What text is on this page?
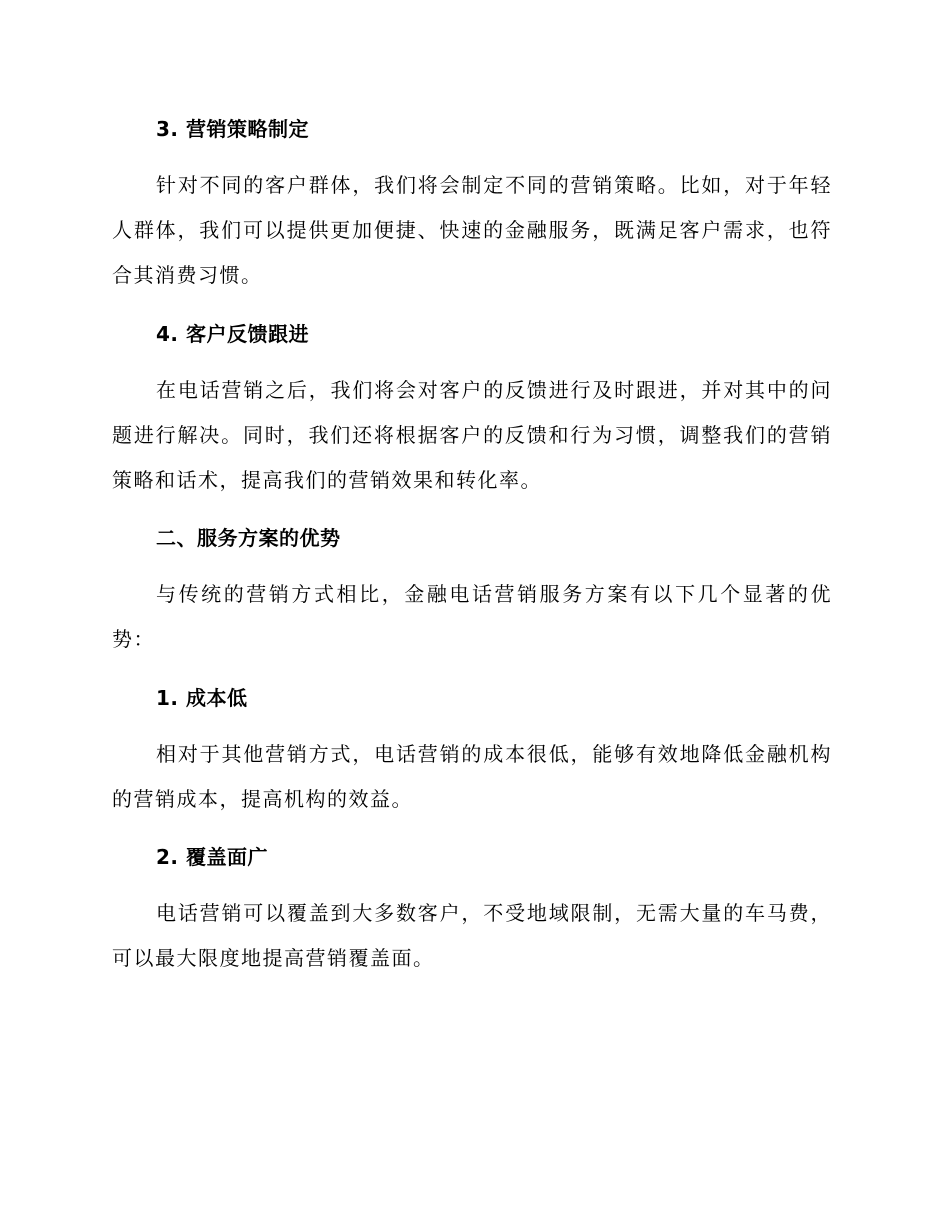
3. 营销策略制定
针对不同的客户群体，我们将会制定不同的营销策略。比如，对于年轻人群体，我们可以提供更加便捷、快速的金融服务，既满足客户需求，也符合其消费习惯。
4. 客户反馈跟进
在电话营销之后，我们将会对客户的反馈进行及时跟进，并对其中的问题进行解决。同时，我们还将根据客户的反馈和行为习惯，调整我们的营销策略和话术，提高我们的营销效果和转化率。
二、服务方案的优势
与传统的营销方式相比，金融电话营销服务方案有以下几个显著的优势：
1. 成本低
相对于其他营销方式，电话营销的成本很低，能够有效地降低金融机构的营销成本，提高机构的效益。
2. 覆盖面广
电话营销可以覆盖到大多数客户，不受地域限制，无需大量的车马费，可以最大限度地提高营销覆盖面。
